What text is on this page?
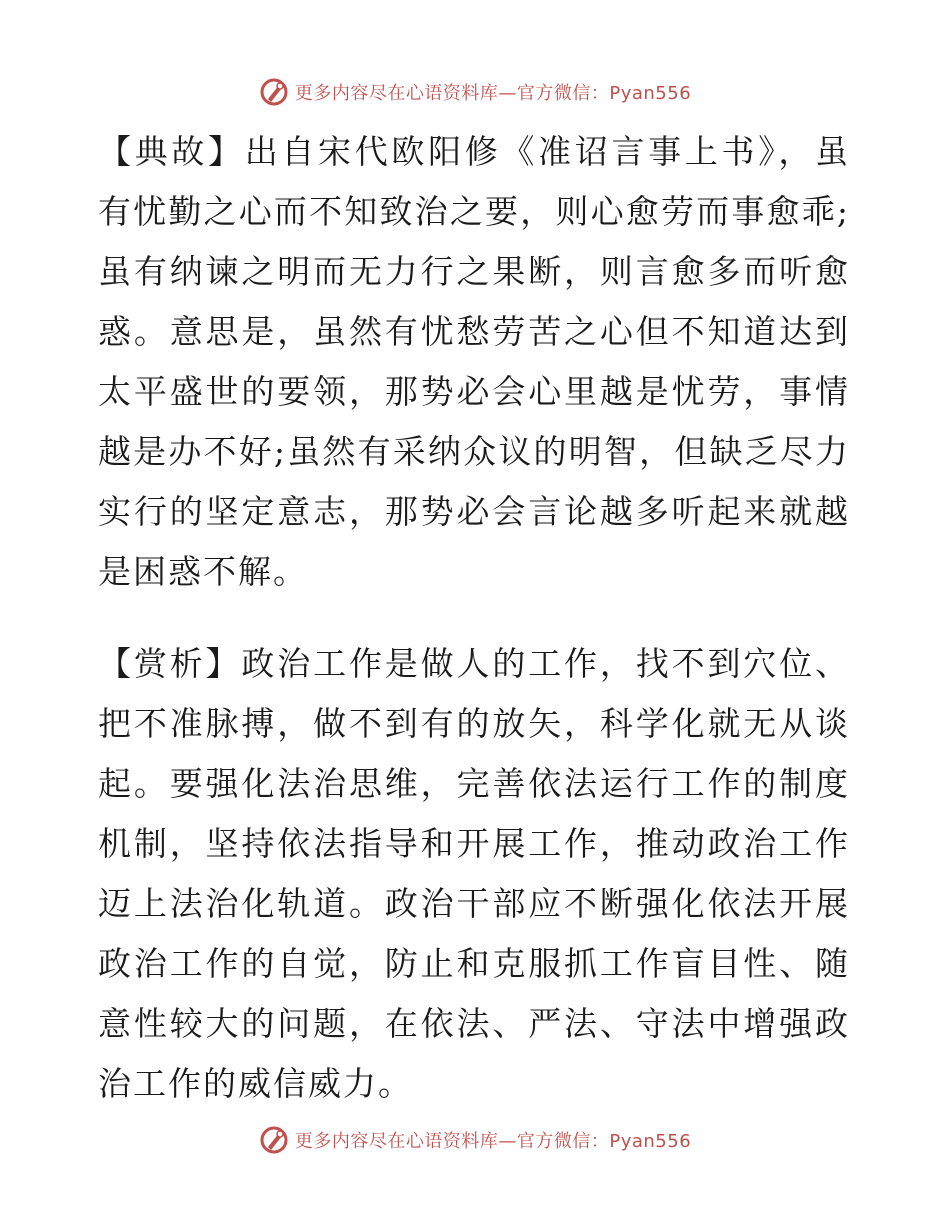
更多内容尽在心语资料库—官方微信：Pyan556

【典故】出自宋代欧阳修《准诏言事上书》，虽有忧勤之心而不知致治之要，则心愈劳而事愈乖;虽有纳谏之明而无力行之果断，则言愈多而听愈惑。意思是，虽然有忧愁劳苦之心但不知道达到太平盛世的要领，那势必会心里越是忧劳，事情越是办不好;虽然有采纳众议的明智，但缺乏尽力实行的坚定意志，那势必会言论越多听起来就越是困惑不解。

【赏析】政治工作是做人的工作，找不到穴位、把不准脉搏，做不到有的放矢，科学化就无从谈起。要强化法治思维，完善依法运行工作的制度机制，坚持依法指导和开展工作，推动政治工作迈上法治化轨道。政治干部应不断强化依法开展政治工作的自觉，防止和克服抓工作盲目性、随意性较大的问题，在依法、严法、守法中增强政治工作的威信威力。

更多内容尽在心语资料库—官方微信：Pyan556
